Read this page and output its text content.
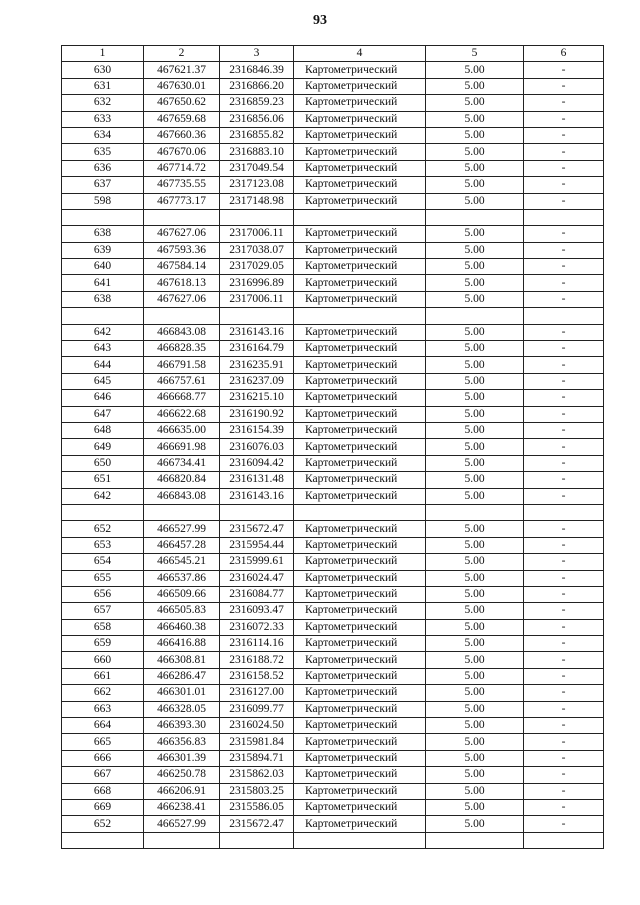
93
1	2	3	4	5	6
630	467621.37	2316846.39	Картометрический	5.00	-
631	467630.01	2316866.20	Картометрический	5.00	-
632	467650.62	2316859.23	Картометрический	5.00	-
633	467659.68	2316856.06	Картометрический	5.00	-
634	467660.36	2316855.82	Картометрический	5.00	-
635	467670.06	2316883.10	Картометрический	5.00	-
636	467714.72	2317049.54	Картометрический	5.00	-
637	467735.55	2317123.08	Картометрический	5.00	-
598	467773.17	2317148.98	Картометрический	5.00	-

638	467627.06	2317006.11	Картометрический	5.00	-
639	467593.36	2317038.07	Картометрический	5.00	-
640	467584.14	2317029.05	Картометрический	5.00	-
641	467618.13	2316996.89	Картометрический	5.00	-
638	467627.06	2317006.11	Картометрический	5.00	-

642	466843.08	2316143.16	Картометрический	5.00	-
643	466828.35	2316164.79	Картометрический	5.00	-
644	466791.58	2316235.91	Картометрический	5.00	-
645	466757.61	2316237.09	Картометрический	5.00	-
646	466668.77	2316215.10	Картометрический	5.00	-
647	466622.68	2316190.92	Картометрический	5.00	-
648	466635.00	2316154.39	Картометрический	5.00	-
649	466691.98	2316076.03	Картометрический	5.00	-
650	466734.41	2316094.42	Картометрический	5.00	-
651	466820.84	2316131.48	Картометрический	5.00	-
642	466843.08	2316143.16	Картометрический	5.00	-

652	466527.99	2315672.47	Картометрический	5.00	-
653	466457.28	2315954.44	Картометрический	5.00	-
654	466545.21	2315999.61	Картометрический	5.00	-
655	466537.86	2316024.47	Картометрический	5.00	-
656	466509.66	2316084.77	Картометрический	5.00	-
657	466505.83	2316093.47	Картометрический	5.00	-
658	466460.38	2316072.33	Картометрический	5.00	-
659	466416.88	2316114.16	Картометрический	5.00	-
660	466308.81	2316188.72	Картометрический	5.00	-
661	466286.47	2316158.52	Картометрический	5.00	-
662	466301.01	2316127.00	Картометрический	5.00	-
663	466328.05	2316099.77	Картометрический	5.00	-
664	466393.30	2316024.50	Картометрический	5.00	-
665	466356.83	2315981.84	Картометрический	5.00	-
666	466301.39	2315894.71	Картометрический	5.00	-
667	466250.78	2315862.03	Картометрический	5.00	-
668	466206.91	2315803.25	Картометрический	5.00	-
669	466238.41	2315586.05	Картометрический	5.00	-
652	466527.99	2315672.47	Картометрический	5.00	-
